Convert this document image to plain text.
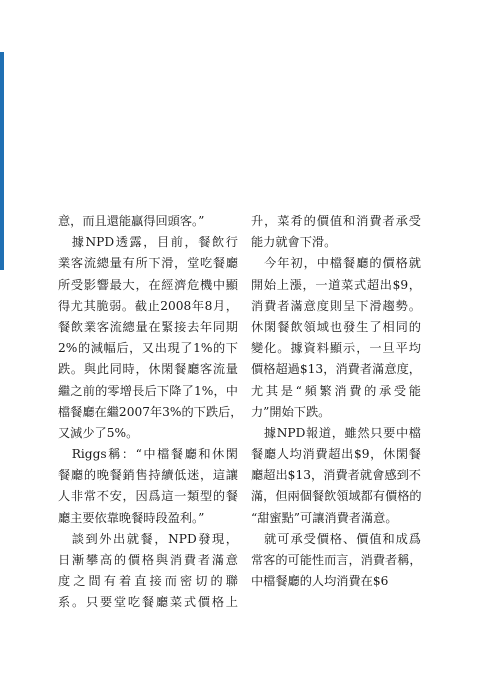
意，而且還能贏得回頭客。”
　據NPD透露，目前，餐飲行
業客流總量有所下滑，堂吃餐廳
所受影響最大，在經濟危機中顯
得尤其脆弱。截止2008年8月，
餐飲業客流總量在緊接去年同期
2%的減幅后，又出現了1%的下
跌。與此同時，休閑餐廳客流量
繼之前的零增長后下降了1%，中
檔餐廳在繼2007年3%的下跌后，
又減少了5%。
　Riggs稱：“中檔餐廳和休閑
餐廳的晚餐銷售持續低迷，這讓
人非常不安，因爲這一類型的餐
廳主要依靠晚餐時段盈利。”
　談到外出就餐，NPD發現，
日漸攀高的價格與消費者滿意
度之間有着直接而密切的聯
系。只要堂吃餐廳菜式價格上
升，菜肴的價值和消費者承受
能力就會下滑。
　今年初，中檔餐廳的價格就
開始上漲，一道菜式超出$9，
消費者滿意度則呈下滑趨勢。
休閑餐飲領域也發生了相同的
變化。據資料顯示，一旦平均
價格超過$13，消費者滿意度，
尤其是“頻繁消費的承受能
力”開始下跌。
　據NPD報道，雖然只要中檔
餐廳人均消費超出$9，休閑餐
廳超出$13，消費者就會感到不
滿，但兩個餐飲領域都有價格的
“甜蜜點”可讓消費者滿意。
　就可承受價格、價值和成爲
常客的可能性而言，消費者稱，
中檔餐廳的人均消費在$6
